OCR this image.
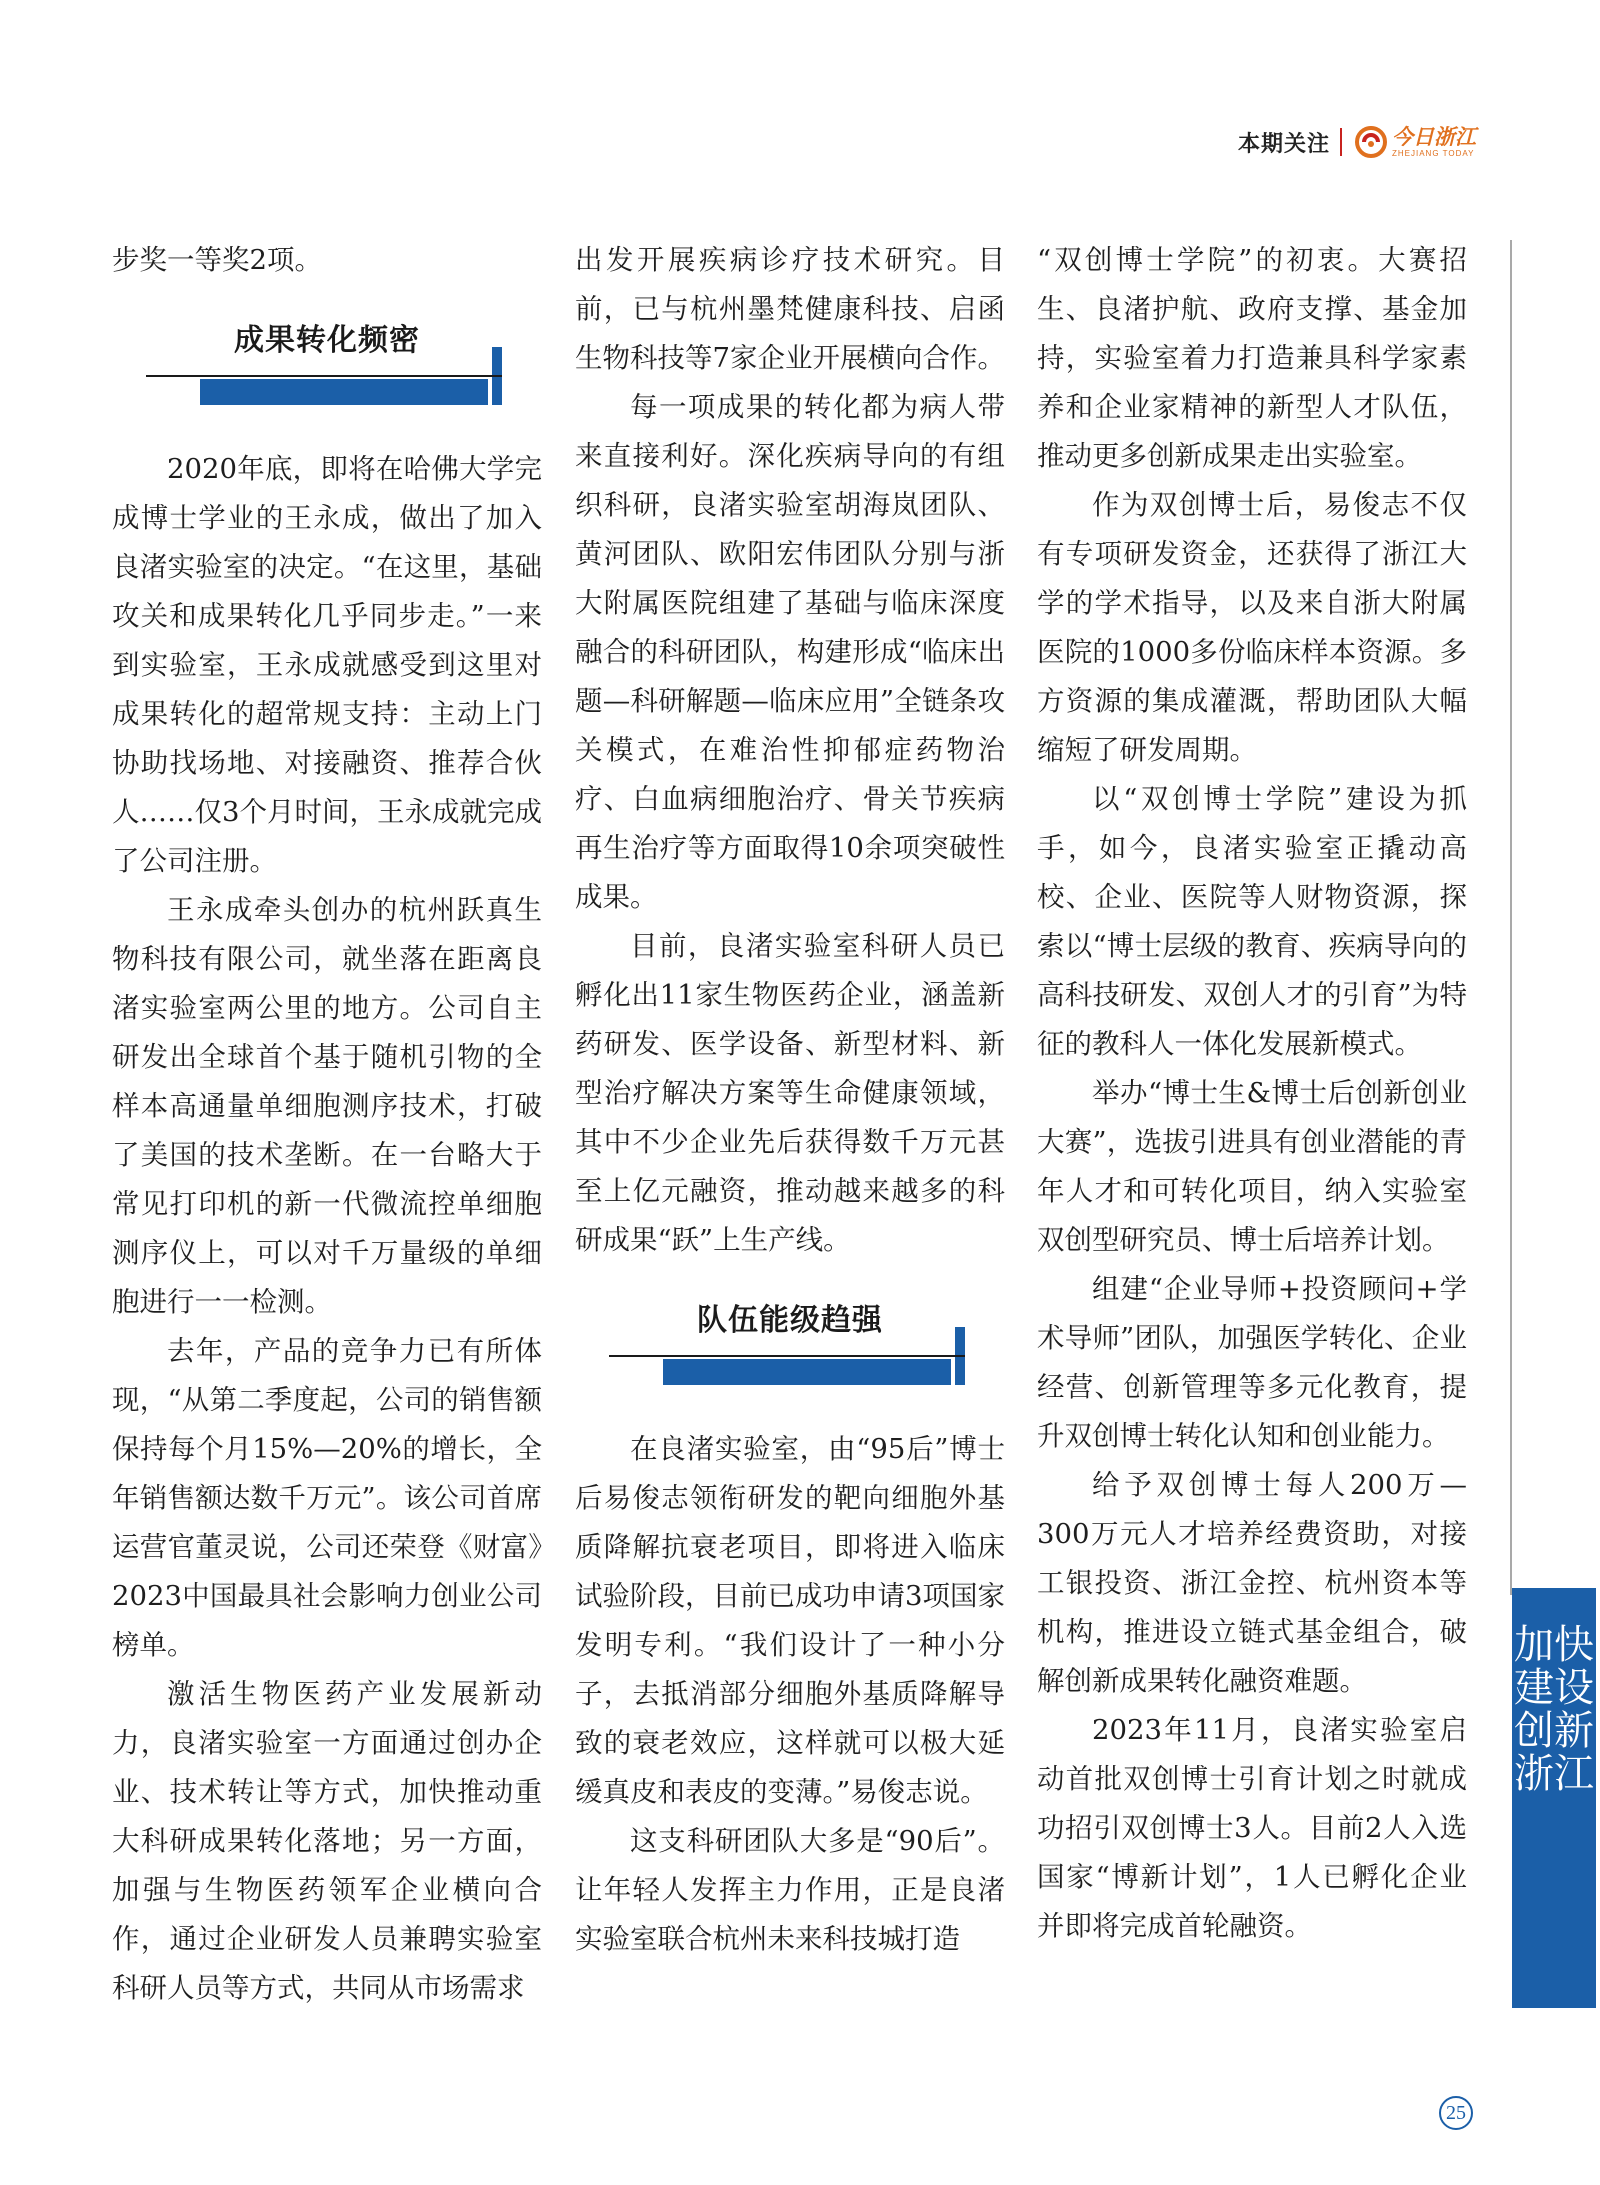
本期关注	今日浙江
ZHEJIANG TODAY

步奖一等奖2项。

成果转化频密

2020年底，即将在哈佛大学完成博士学业的王永成，做出了加入良渚实验室的决定。“在这里，基础攻关和成果转化几乎同步走。”一来到实验室，王永成就感受到这里对成果转化的超常规支持：主动上门协助找场地、对接融资、推荐合伙人……仅3个月时间，王永成就完成了公司注册。

王永成牵头创办的杭州跃真生物科技有限公司，就坐落在距离良渚实验室两公里的地方。公司自主研发出全球首个基于随机引物的全样本高通量单细胞测序技术，打破了美国的技术垄断。在一台略大于常见打印机的新一代微流控单细胞测序仪上，可以对千万量级的单细胞进行一一检测。

去年，产品的竞争力已有所体现，“从第二季度起，公司的销售额保持每个月15%—20%的增长，全年销售额达数千万元”。该公司首席运营官董灵说，公司还荣登《财富》2023中国最具社会影响力创业公司榜单。

激活生物医药产业发展新动力，良渚实验室一方面通过创办企业、技术转让等方式，加快推动重大科研成果转化落地；另一方面，加强与生物医药领军企业横向合作，通过企业研发人员兼聘实验室科研人员等方式，共同从市场需求

出发开展疾病诊疗技术研究。目前，已与杭州墨梵健康科技、启函生物科技等7家企业开展横向合作。

每一项成果的转化都为病人带来直接利好。深化疾病导向的有组织科研，良渚实验室胡海岚团队、黄河团队、欧阳宏伟团队分别与浙大附属医院组建了基础与临床深度融合的科研团队，构建形成“临床出题—科研解题—临床应用”全链条攻关模式，在难治性抑郁症药物治疗、白血病细胞治疗、骨关节疾病再生治疗等方面取得10余项突破性成果。

目前，良渚实验室科研人员已孵化出11家生物医药企业，涵盖新药研发、医学设备、新型材料、新型治疗解决方案等生命健康领域，其中不少企业先后获得数千万元甚至上亿元融资，推动越来越多的科研成果“跃”上生产线。

队伍能级趋强

在良渚实验室，由“95后”博士后易俊志领衔研发的靶向细胞外基质降解抗衰老项目，即将进入临床试验阶段，目前已成功申请3项国家发明专利。“我们设计了一种小分子，去抵消部分细胞外基质降解导致的衰老效应，这样就可以极大延缓真皮和表皮的变薄。”易俊志说。

这支科研团队大多是“90后”。让年轻人发挥主力作用，正是良渚实验室联合杭州未来科技城打造

“双创博士学院”的初衷。大赛招生、良渚护航、政府支撑、基金加持，实验室着力打造兼具科学家素养和企业家精神的新型人才队伍，推动更多创新成果走出实验室。

作为双创博士后，易俊志不仅有专项研发资金，还获得了浙江大学的学术指导，以及来自浙大附属医院的1000多份临床样本资源。多方资源的集成灌溉，帮助团队大幅缩短了研发周期。

以“双创博士学院”建设为抓手，如今，良渚实验室正撬动高校、企业、医院等人财物资源，探索以“博士层级的教育、疾病导向的高科技研发、双创人才的引育”为特征的教科人一体化发展新模式。

举办“博士生&博士后创新创业大赛”，选拔引进具有创业潜能的青年人才和可转化项目，纳入实验室双创型研究员、博士后培养计划。

组建“企业导师+投资顾问+学术导师”团队，加强医学转化、企业经营、创新管理等多元化教育，提升双创博士转化认知和创业能力。

给予双创博士每人200万—300万元人才培养经费资助，对接工银投资、浙江金控、杭州资本等机构，推进设立链式基金组合，破解创新成果转化融资难题。

2023年11月，良渚实验室启动首批双创博士引育计划之时就成功招引双创博士3人。目前2人入选国家“博新计划”，1人已孵化企业并即将完成首轮融资。

加快建设创新浙江
25
